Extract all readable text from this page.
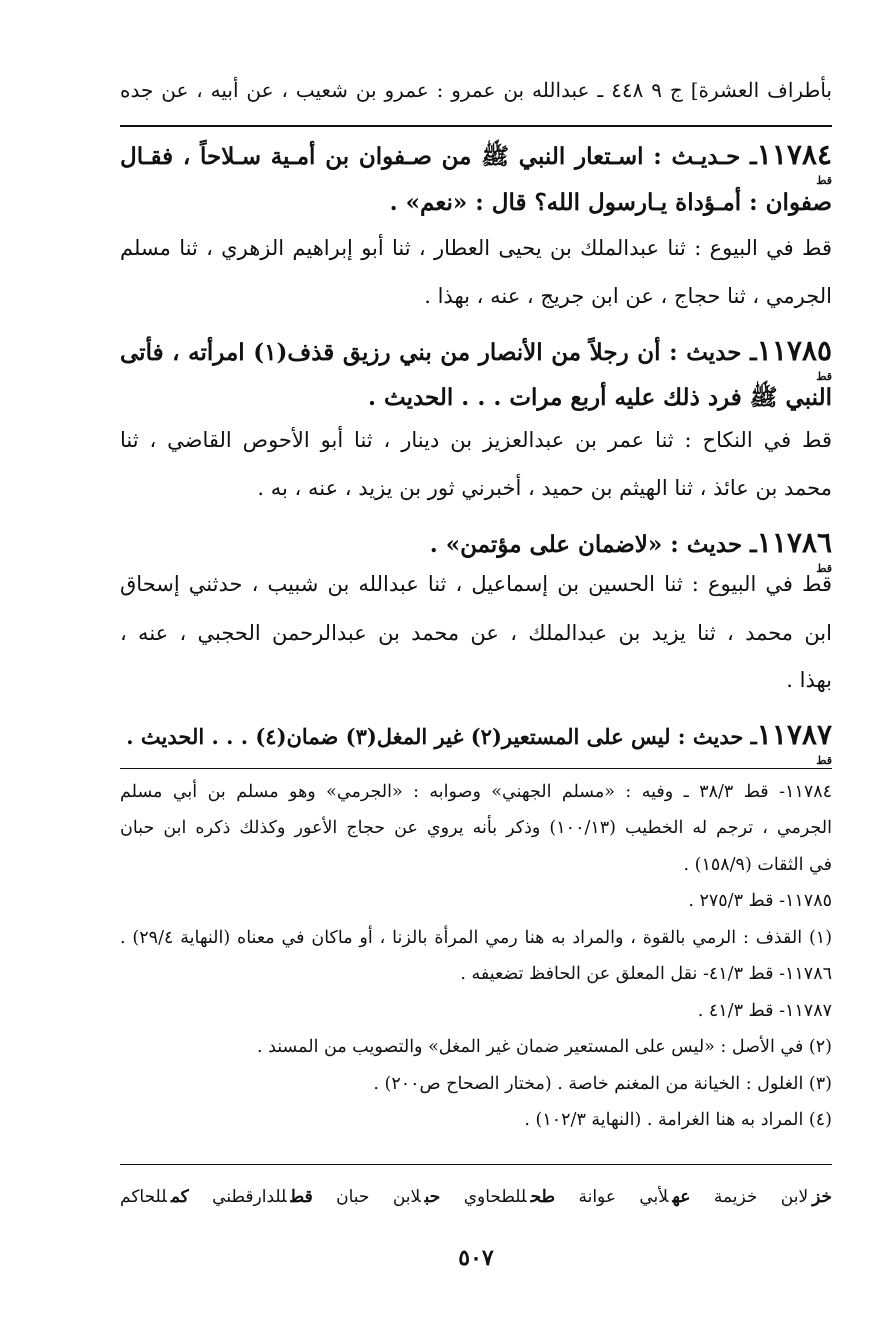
بأطراف العشرة] ج ٩ ٤٤٨ ـ عبدالله بن عمرو : عمرو بن شعيب ، عن أبيه ، عن جده
١١٧٨٤
قط
ـ حـديـث : اسـتعار النبي ﷺ من صـفوان بن أمـية سـلاحاً ، فقـال
صفوان : أمـؤداة يـارسول الله؟ قال : «نعم» .
قط في البيوع : ثنا عبدالملك بن يحيى العطار ، ثنا أبو إبراهيم الزهري ، ثنا مسلم
الجرمي ، ثنا حجاج ، عن ابن جريج ، عنه ، بهذا .
١١٧٨٥
قط
ـ حديث : أن رجلاً من الأنصار من بني رزيق قذف(١) امرأته ، فأتى
النبي ﷺ فرد ذلك عليه أربع مرات . . . الحديث .
قط في النكاح : ثنا عمر بن عبدالعزيز بن دينار ، ثنا أبو الأحوص القاضي ، ثنا
محمد بن عائذ ، ثنا الهيثم بن حميد ، أخبرني ثور بن يزيد ، عنه ، به .
١١٧٨٦
قط
ـ حديث : «لاضمان على مؤتمن» .
قط في البيوع : ثنا الحسين بن إسماعيل ، ثنا عبدالله بن شبيب ، حدثني إسحاق
ابن محمد ، ثنا يزيد بن عبدالملك ، عن محمد بن عبدالرحمن الحجبي ، عنه ،
بهذا .
١١٧٨٧
قط
ـ حديث : ليس على المستعير(٢) غير المغل(٣) ضمان(٤) . . . الحديث .
١١٧٨٤- قط ٣٨/٣ ـ وفيه : «مسلم الجهني» وصوابه : «الجرمي» وهو مسلم بن أبي مسلم
الجرمي ، ترجم له الخطيب (١٠٠/١٣) وذكر بأنه يروي عن حجاج الأعور وكذلك ذكره ابن حبان
في الثقات (١٥٨/٩) .
١١٧٨٥- قط ٢٧٥/٣ .
(١) القذف : الرمي بالقوة ، والمراد به هنا رمي المرأة بالزنا ، أو ماكان في معناه (النهاية ٢٩/٤) .
١١٧٨٦- قط ٤١/٣- نقل المعلق عن الحافظ تضعيفه .
١١٧٨٧- قط ٤١/٣ .
(٢) في الأصل : «ليس على المستعير ضمان غير المغل» والتصويب من المسند .
(٣) الغلول : الخيانة من المغنم خاصة . (مختار الصحاح ص٢٠٠) .
(٤) المراد به هنا الغرامة . (النهاية ١٠٢/٣) .
خزلابن خزيمة عهلأبي عوانة طحللطحاوي حبلابن حبان قطللدارقطني كمللحاكم
٥٠٧
